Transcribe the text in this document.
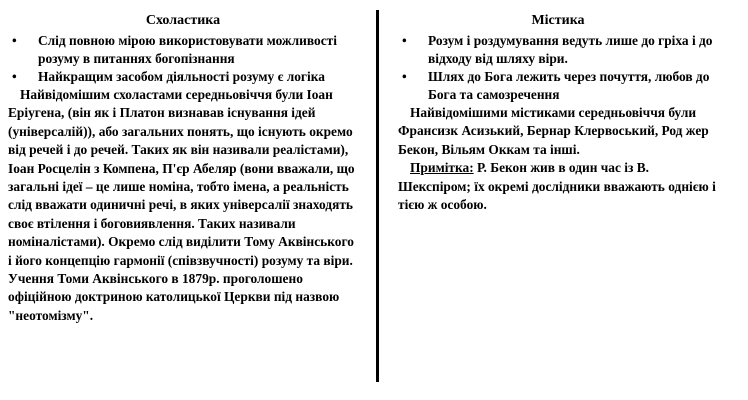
Схоластика
• Слід повною мірою використовувати можливості розуму в питаннях богопізнання
• Найкращим засобом діяльності розуму є логіка

Найвідомішим схоластами середньовіччя були Іоан Еріугена, (він як і Платон визнавав існування ідей (універсалій)), або загальних понять, що існують окремо від речей і до речей. Таких як він називали реалістами), Іоан Росцелін з Компена, П'єр Абеляр (вони вважали, що загальні ідеї – це лише номіна, тобто імена, а реальність слід вважати одиничні речі, в яких універсалії знаходять своє втілення і боговиявлення. Таких називали номіналістами). Окремо слід виділити Тому Аквінського і його концепцію гармонії (співзвучності) розуму та віри. Учення Томи Аквінського в 1879р. проголошено офіційною доктриною католицької Церкви під назвою "неотомізму".

Містика
• Розум і роздумування ведуть лише до гріха і до відходу від шляху віри.
• Шлях до Бога лежить через почуття, любов до Бога та самозречення

Найвідомішими містиками середньовіччя були Франсизк Асизький, Бернар Клервоський, Род жер Бекон, Вільям Оккам та інші.

Примітка: Р. Бекон жив в один час із В. Шекспіром; їх окремі дослідники вважають однією і тією ж особою.
